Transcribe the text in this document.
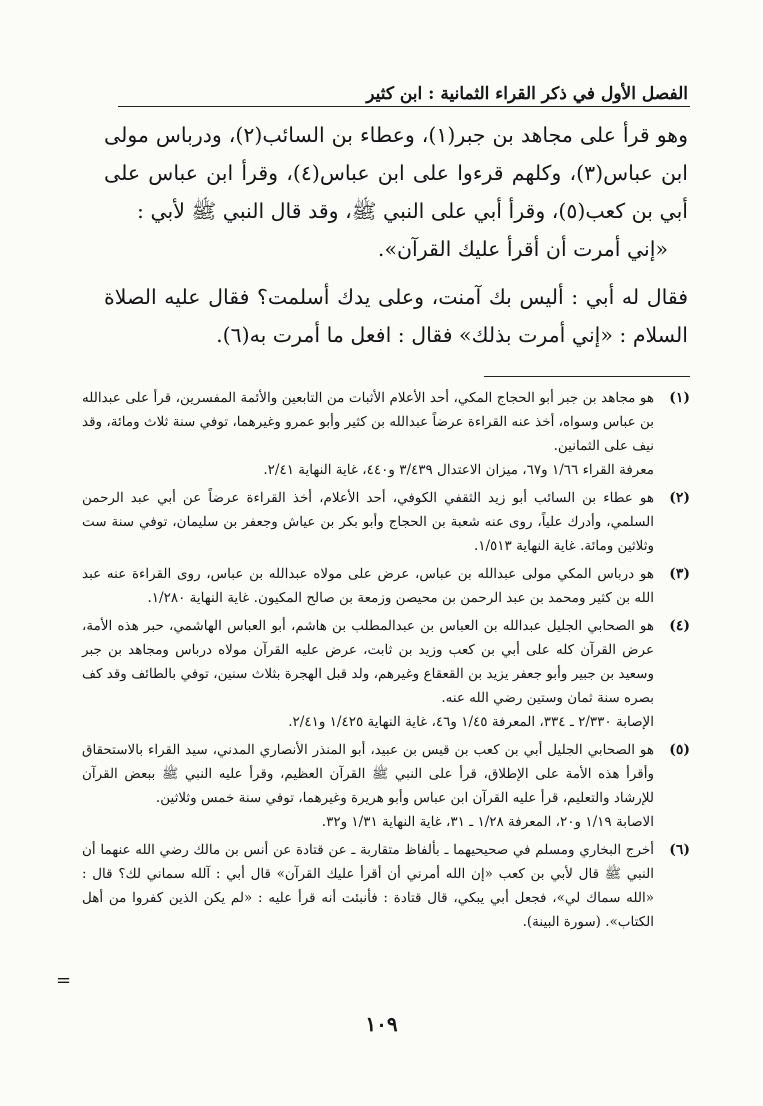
الفصل الأول في ذكر القراء الثمانية : ابن كثير

وهو قرأ على مجاهد بن جبر(١)، وعطاء بن السائب(٢)، ودرباس مولى ابن عباس(٣)، وكلهم قرءوا على ابن عباس(٤)، وقرأ ابن عباس على أبي بن كعب(٥)، وقرأ أبي على النبي ﷺ، وقد قال النبي ﷺ لأبي :

«إني أمرت أن أقرأ عليك القرآن».

فقال له أبي : أليس بك آمنت، وعلى يدك أسلمت؟ فقال عليه الصلاة السلام : «إني أمرت بذلك» فقال : افعل ما أمرت به(٦).

(١)
هو مجاهد بن جبر أبو الحجاج المكي، أحد الأعلام الأثبات من التابعين والأئمة المفسرين، قرأ على عبدالله بن عباس وسواه، أخذ عنه القراءة عرضاً عبدالله بن كثير وأبو عمرو وغيرهما، توفي سنة ثلاث ومائة، وقد نيف على الثمانين.
معرفة القراء ١/٦٦ و٦٧، ميزان الاعتدال ٣/٤٣٩ و٤٤٠، غاية النهاية ٢/٤١.
(٢)
هو عطاء بن السائب أبو زيد الثقفي الكوفي، أحد الأعلام، أخذ القراءة عرضاً عن أبي عبد الرحمن السلمي، وأدرك علياً، روى عنه شعبة بن الحجاج وأبو بكر بن عياش وجعفر بن سليمان، توفي سنة ست وثلاثين ومائة. غاية النهاية ١/٥١٣.
(٣)
هو درباس المكي مولى عبدالله بن عباس، عرض على مولاه عبدالله بن عباس، روى القراءة عنه عبد الله بن كثير ومحمد بن عبد الرحمن بن محيصن وزمعة بن صالح المكيون. غاية النهاية ١/٢٨٠.
(٤)
هو الصحابي الجليل عبدالله بن العباس بن عبدالمطلب بن هاشم، أبو العباس الهاشمي، حبر هذه الأمة، عرض القرآن كله على أبي بن كعب وزيد بن ثابت، عرض عليه القرآن مولاه درباس ومجاهد بن جبر وسعيد بن جبير وأبو جعفر يزيد بن القعقاع وغيرهم، ولد قبل الهجرة بثلاث سنين، توفي بالطائف وقد كف بصره سنة ثمان وستين رضي الله عنه.
الإصابة ٢/٣٣٠ ـ ٣٣٤، المعرفة ١/٤٥ و٤٦، غاية النهاية ١/٤٢٥ و٢/٤١.
(٥)
هو الصحابي الجليل أبي بن كعب بن قيس بن عبيد، أبو المنذر الأنصاري المدني، سيد القراء بالاستحقاق وأقرأ هذه الأمة على الإطلاق، قرأ على النبي ﷺ القرآن العظيم، وقرأ عليه النبي ﷺ ببعض القرآن للإرشاد والتعليم، قرأ عليه القرآن ابن عباس وأبو هريرة وغيرهما، توفي سنة خمس وثلاثين.
الاصابة ١/١٩ و٢٠، المعرفة ١/٢٨ ـ ٣١، غاية النهاية ١/٣١ و٣٢.
(٦)
أخرج البخاري ومسلم في صحيحيهما ـ بألفاظ متقاربة ـ عن قتادة عن أنس بن مالك رضي الله عنهما أن النبي ﷺ قال لأبي بن كعب «إن الله أمرني أن أقرأ عليك القرآن» قال أبي : آلله سماني لك؟ قال : «الله سماك لي»، فجعل أبي يبكي، قال قتادة : فأنبئت أنه قرأ عليه : «لم يكن الذين كفروا من أهل الكتاب». (سورة البينة).
=
١٠٩
